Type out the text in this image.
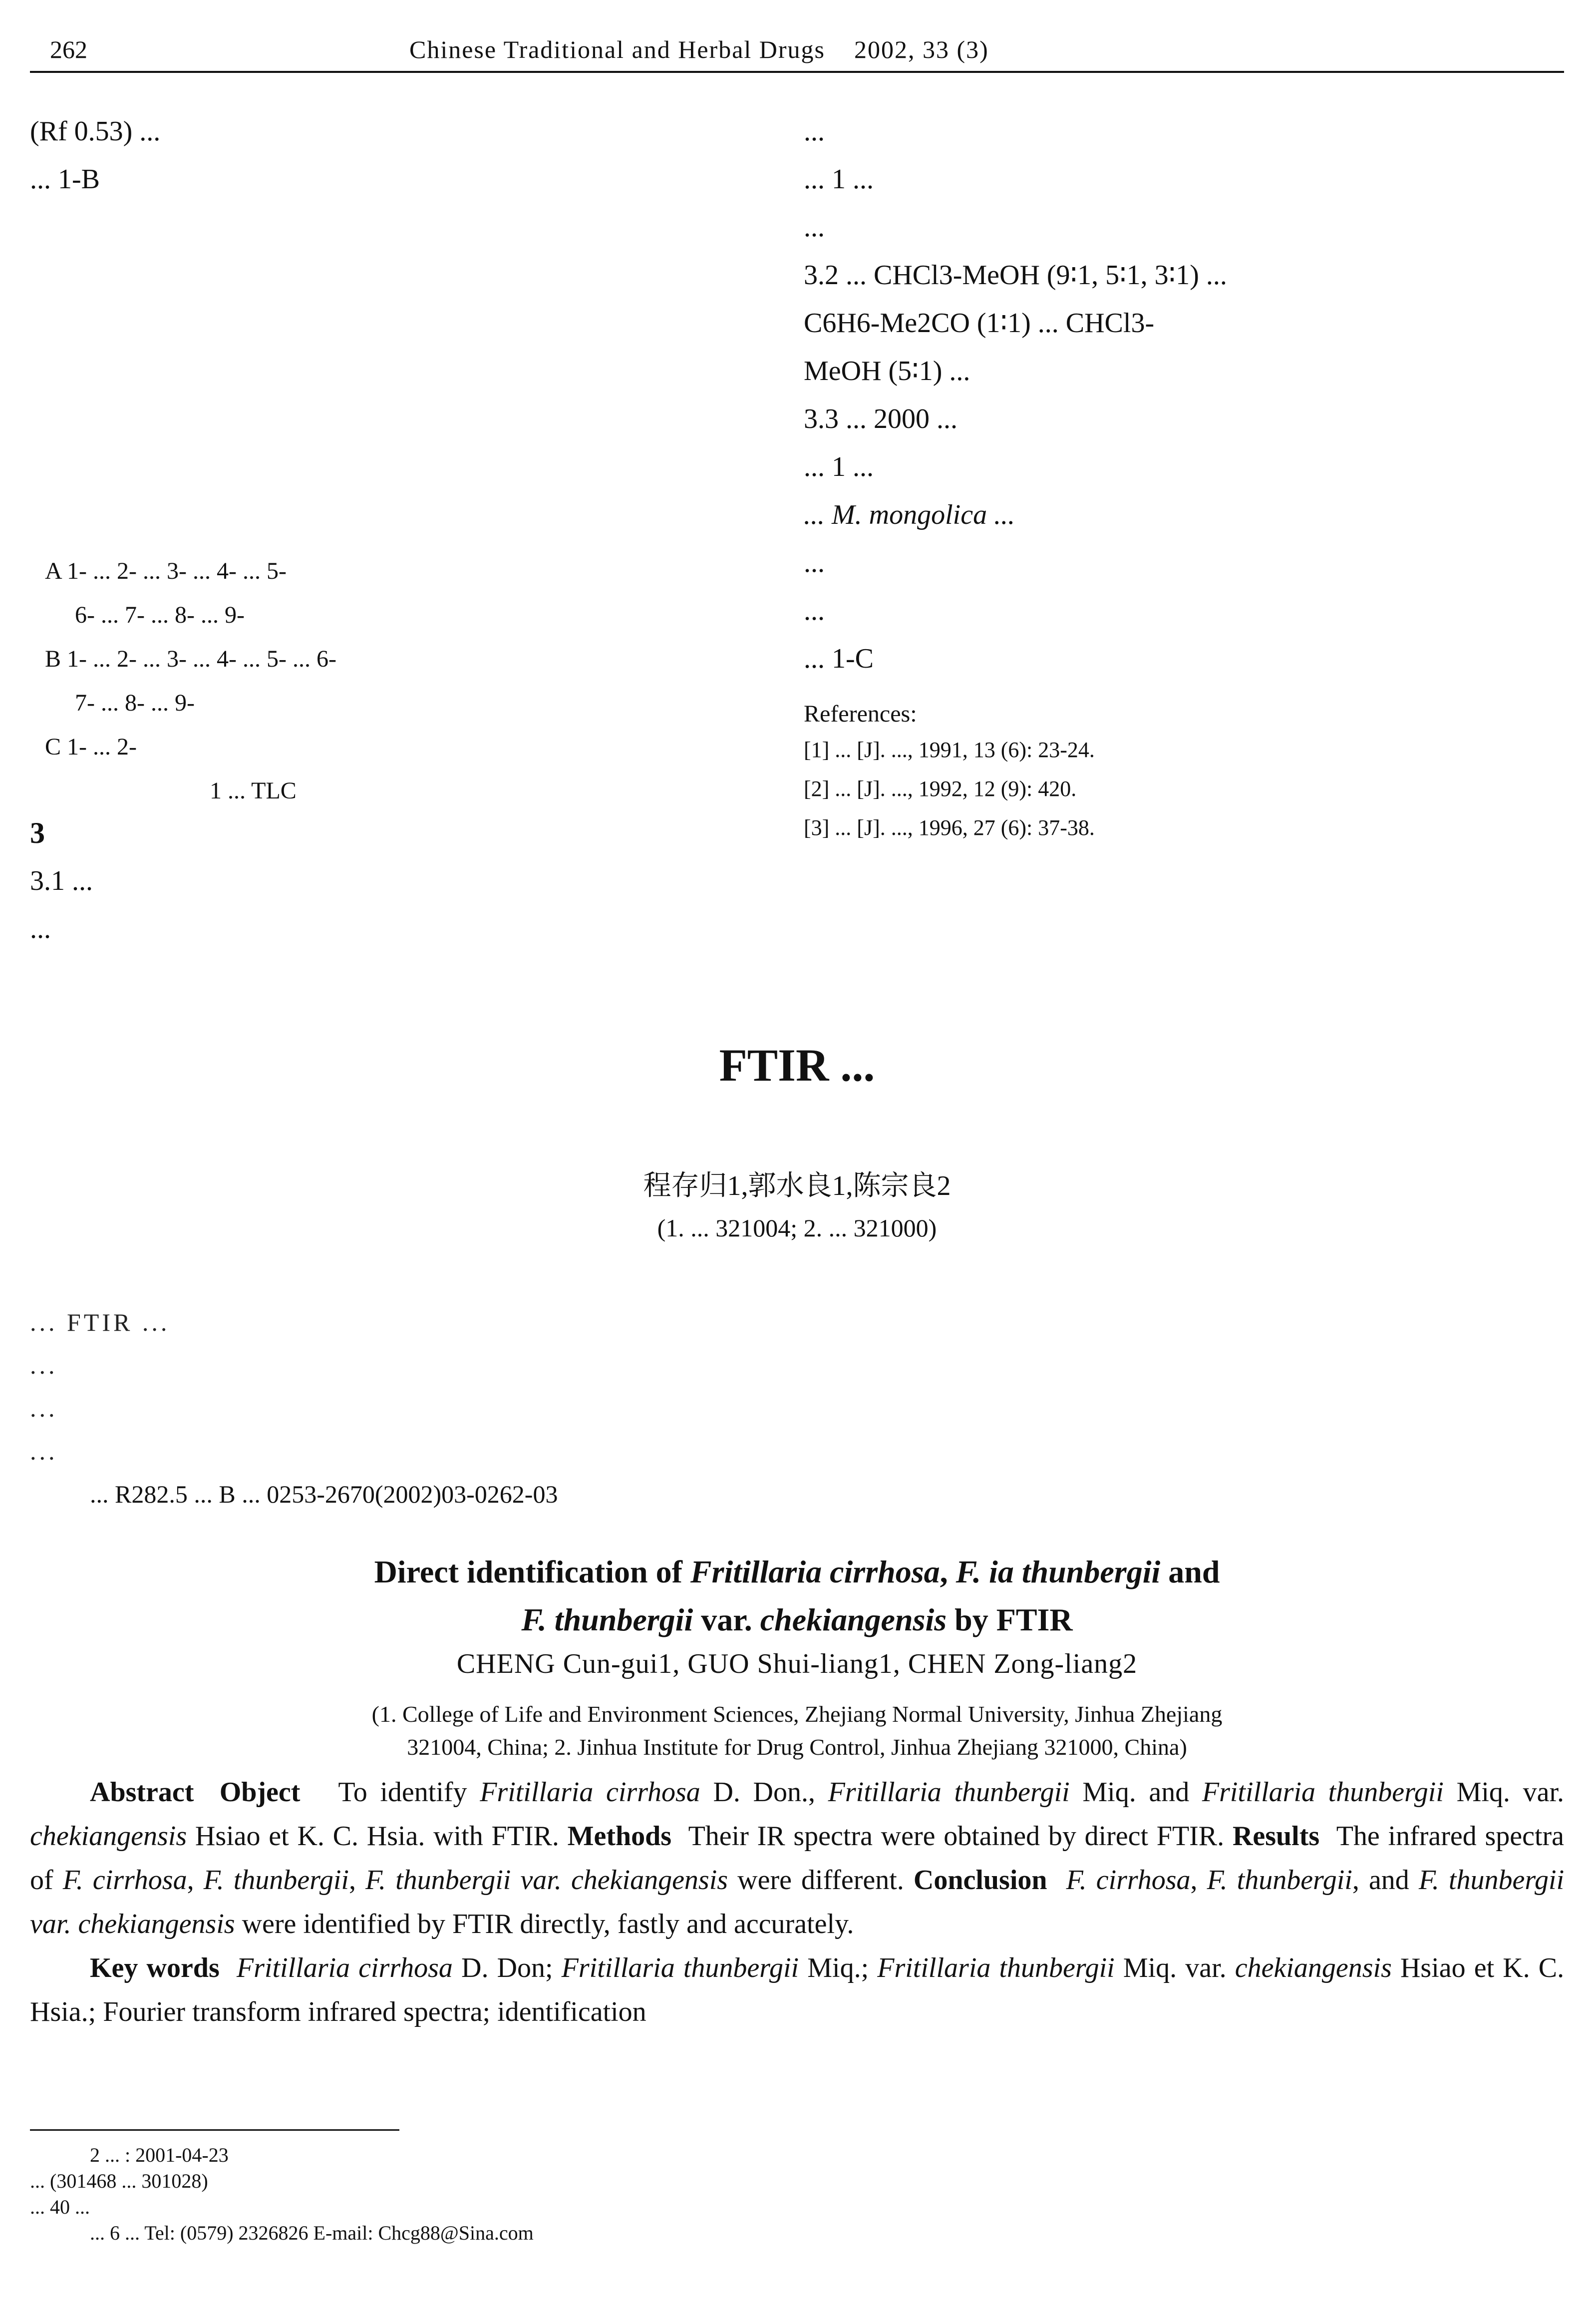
262	Chinese Traditional and Herbal Drugs 2002, 33 (3)
(Rf 0.53) ...
... 1-B
A 1- ... 2- ... 3- ... 4- ... 5-
6- ... 7- ... 8- ... 9-
B 1- ... 2- ... 3- ... 4- ... 5- ... 6-
7- ... 8- ... 9-
C 1- ... 2-
1 ... TLC
3
3.1 ...
...
...
... 1 ...
...
3.2 ... CHCl3-MeOH (9∶1, 5∶1, 3∶1) ...
C6H6-Me2CO (1∶1) ... CHCl3-
MeOH (5∶1) ...
3.3 ... 2000 ...
... 1 ...
... M. mongolica ...
...
...
... 1-C
References:
[1] ... [J]. ..., 1991, 13 (6): 23-24.
[2] ... [J]. ..., 1992, 12 (9): 420.
[3] ... [J]. ..., 1996, 27 (6): 37-38.
FTIR ...
程存归1,郭水良1,陈宗良2
(1. ... 321004; 2. ... 321000)
... FTIR ...
...
...
...
... R282.5 ... B ... 0253-2670(2002)03-0262-03
Direct identification of Fritillaria cirrhosa, F. ia thunbergii and
F. thunbergii var. chekiangensis by FTIR
CHENG Cun-gui1, GUO Shui-liang1, CHEN Zong-liang2
(1. College of Life and Environment Sciences, Zhejiang Normal University, Jinhua Zhejiang
321004, China; 2. Jinhua Institute for Drug Control, Jinhua Zhejiang 321000, China)
Abstract Object To identify Fritillaria cirrhosa D. Don., Fritillaria thunbergii Miq. and Fritillaria thunbergii Miq. var. chekiangensis Hsiao et K. C. Hsia. with FTIR. Methods Their IR spectra were obtained by direct FTIR. Results The infrared spectra of F. cirrhosa, F. thunbergii, F. thunbergii var. chekiangensis were different. Conclusion F. cirrhosa, F. thunbergii, and F. thunbergii var. chekiangensis were identified by FTIR directly, fastly and accurately.
Key words Fritillaria cirrhosa D. Don; Fritillaria thunbergii Miq.; Fritillaria thunbergii Miq. var. chekiangensis Hsiao et K. C. Hsia.; Fourier transform infrared spectra; identification
2 ... : 2001-04-23
... (301468 ... 301028)
... 40 ...
... 6 ... Tel: (0579) 2326826 E-mail: Chcg88@Sina.com
